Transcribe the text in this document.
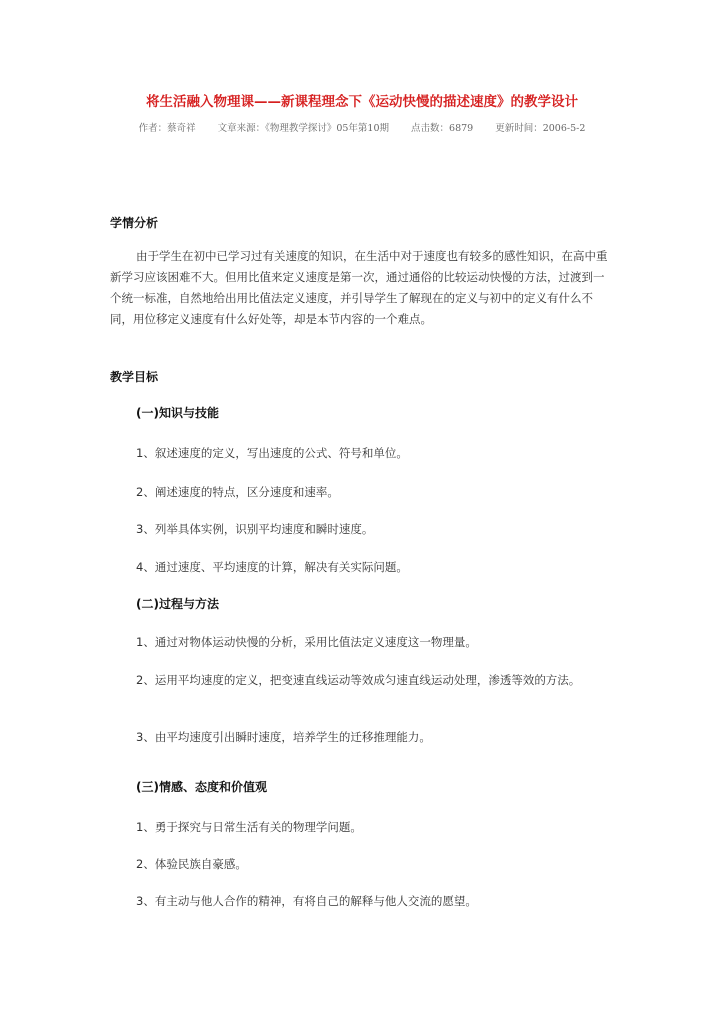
将生活融入物理课——新课程理念下《运动快慢的描述速度》的教学设计
作者：蔡奇祥 文章来源：《物理教学探讨》05年第10期 点击数：6879 更新时间：2006-5-2
学情分析

由于学生在初中已学习过有关速度的知识，在生活中对于速度也有较多的感性知识，在高中重新学习应该困难不大。但用比值来定义速度是第一次，通过通俗的比较运动快慢的方法，过渡到一个统一标准，自然地给出用比值法定义速度，并引导学生了解现在的定义与初中的定义有什么不同，用位移定义速度有什么好处等，却是本节内容的一个难点。

教学目标
(一)知识与技能

1、叙述速度的定义，写出速度的公式、符号和单位。

2、阐述速度的特点，区分速度和速率。

3、列举具体实例，识别平均速度和瞬时速度。

4、通过速度、平均速度的计算，解决有关实际问题。

(二)过程与方法

1、通过对物体运动快慢的分析，采用比值法定义速度这一物理量。

2、运用平均速度的定义，把变速直线运动等效成匀速直线运动处理，渗透等效的方法。

3、由平均速度引出瞬时速度，培养学生的迁移推理能力。

(三)情感、态度和价值观

1、勇于探究与日常生活有关的物理学问题。

2、体验民族自豪感。

3、有主动与他人合作的精神，有将自己的解释与他人交流的愿望。
